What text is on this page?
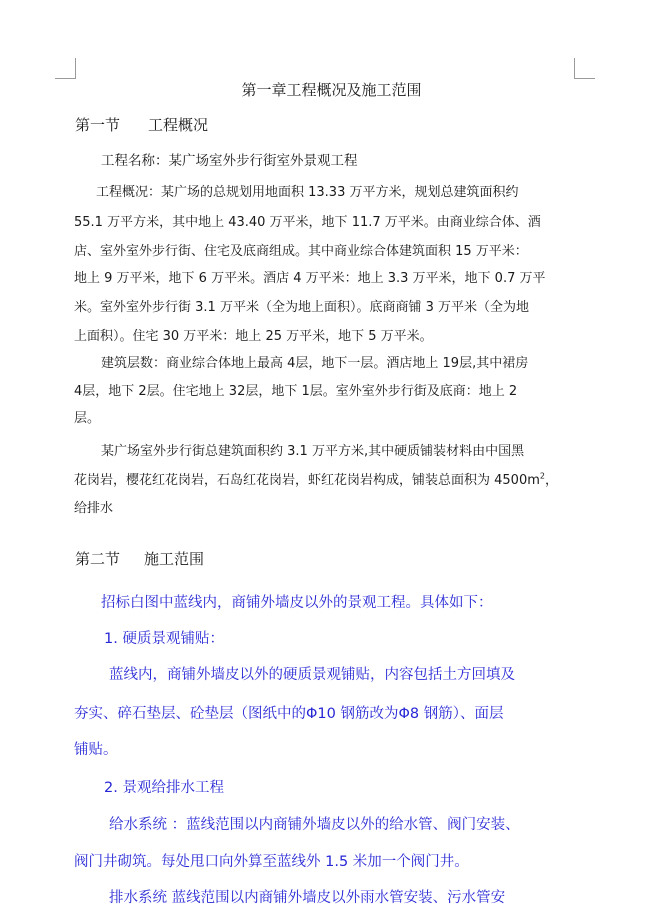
第一章工程概况及施工范围
第一节 工程概况
工程名称：某广场室外步行街室外景观工程
工程概况：某广场的总规划用地面积 13.33 万平方米，规划总建筑面积约
55.1 万平方米，其中地上 43.40 万平米，地下 11.7 万平米。由商业综合体、酒
店、室外室外步行街、住宅及底商组成。其中商业综合体建筑面积 15 万平米：
地上 9 万平米，地下 6 万平米。酒店 4 万平米：地上 3.3 万平米，地下 0.7 万平
米。室外室外步行街 3.1 万平米（全为地上面积）。底商商铺 3 万平米（全为地
上面积）。住宅 30 万平米：地上 25 万平米，地下 5 万平米。
建筑层数：商业综合体地上最高 4层，地下一层。酒店地上 19层,其中裙房
4层，地下 2层。住宅地上 32层，地下 1层。室外室外步行街及底商：地上 2
层。
某广场室外步行街总建筑面积约 3.1 万平方米,其中硬质铺装材料由中国黑
花岗岩，樱花红花岗岩，石岛红花岗岩，虾红花岗岩构成，铺装总面积为 $4500m^2$，
给排水
第二节 施工范围
招标白图中蓝线内，商铺外墙皮以外的景观工程。具体如下：
1. 硬质景观铺贴：
蓝线内，商铺外墙皮以外的硬质景观铺贴，内容包括土方回填及
夯实、碎石垫层、砼垫层（图纸中的Φ10 钢筋改为Φ8 钢筋）、面层
铺贴。
2. 景观给排水工程
给水系统 ：蓝线范围以内商铺外墙皮以外的给水管、阀门安装、
阀门井砌筑。每处甩口向外算至蓝线外 1.5 米加一个阀门井。
排水系统 蓝线范围以内商铺外墙皮以外雨水管安装、污水管安
